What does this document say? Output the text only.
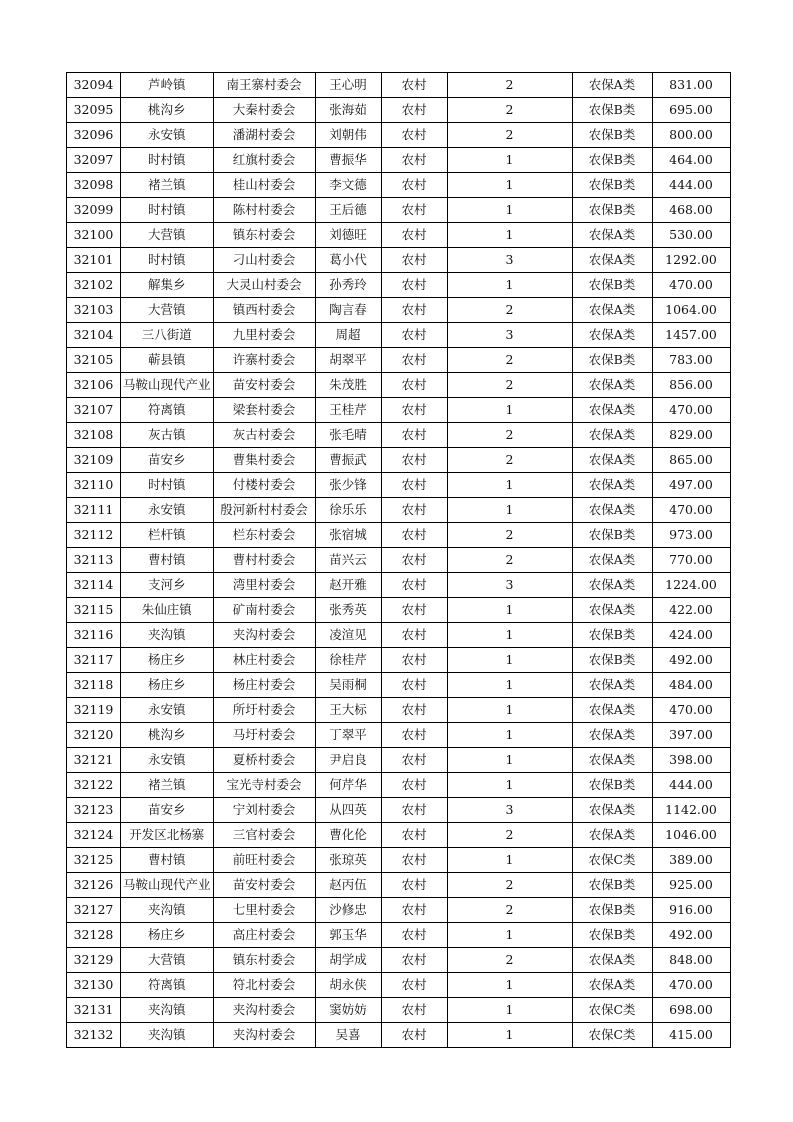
32094	芦岭镇	南王寨村委会	王心明	农村	2	农保A类	831.00
32095	桃沟乡	大秦村委会	张海茹	农村	2	农保B类	695.00
32096	永安镇	潘湖村委会	刘朝伟	农村	2	农保B类	800.00
32097	时村镇	红旗村委会	曹振华	农村	1	农保B类	464.00
32098	褚兰镇	桂山村委会	李文德	农村	1	农保B类	444.00
32099	时村镇	陈村村委会	王后德	农村	1	农保B类	468.00
32100	大营镇	镇东村委会	刘德旺	农村	1	农保A类	530.00
32101	时村镇	刁山村委会	葛小代	农村	3	农保A类	1292.00
32102	解集乡	大灵山村委会	孙秀玲	农村	1	农保B类	470.00
32103	大营镇	镇西村委会	陶言春	农村	2	农保A类	1064.00
32104	三八街道	九里村委会	周超	农村	3	农保A类	1457.00
32105	蕲县镇	许寨村委会	胡翠平	农村	2	农保B类	783.00
32106	马鞍山现代产业	苗安村委会	朱茂胜	农村	2	农保A类	856.00
32107	符离镇	梁套村委会	王桂芹	农村	1	农保A类	470.00
32108	灰古镇	灰古村委会	张毛晴	农村	2	农保A类	829.00
32109	苗安乡	曹集村委会	曹振武	农村	2	农保A类	865.00
32110	时村镇	付楼村委会	张少锋	农村	1	农保A类	497.00
32111	永安镇	殷河新村村委会	徐乐乐	农村	1	农保A类	470.00
32112	栏杆镇	栏东村委会	张宿城	农村	2	农保B类	973.00
32113	曹村镇	曹村村委会	苗兴云	农村	2	农保A类	770.00
32114	支河乡	湾里村委会	赵开雅	农村	3	农保A类	1224.00
32115	朱仙庄镇	矿南村委会	张秀英	农村	1	农保A类	422.00
32116	夹沟镇	夹沟村委会	凌渲见	农村	1	农保B类	424.00
32117	杨庄乡	林庄村委会	徐桂芹	农村	1	农保B类	492.00
32118	杨庄乡	杨庄村委会	吴雨桐	农村	1	农保A类	484.00
32119	永安镇	所圩村委会	王大标	农村	1	农保A类	470.00
32120	桃沟乡	马圩村委会	丁翠平	农村	1	农保A类	397.00
32121	永安镇	夏桥村委会	尹启良	农村	1	农保A类	398.00
32122	褚兰镇	宝光寺村委会	何芹华	农村	1	农保B类	444.00
32123	苗安乡	宁刘村委会	从四英	农村	3	农保A类	1142.00
32124	开发区北杨寨	三官村委会	曹化伦	农村	2	农保A类	1046.00
32125	曹村镇	前旺村委会	张琼英	农村	1	农保C类	389.00
32126	马鞍山现代产业	苗安村委会	赵丙伍	农村	2	农保B类	925.00
32127	夹沟镇	七里村委会	沙修忠	农村	2	农保B类	916.00
32128	杨庄乡	高庄村委会	郭玉华	农村	1	农保B类	492.00
32129	大营镇	镇东村委会	胡学成	农村	2	农保A类	848.00
32130	符离镇	符北村委会	胡永侠	农村	1	农保A类	470.00
32131	夹沟镇	夹沟村委会	窦妨妨	农村	1	农保C类	698.00
32132	夹沟镇	夹沟村委会	吴喜	农村	1	农保C类	415.00
